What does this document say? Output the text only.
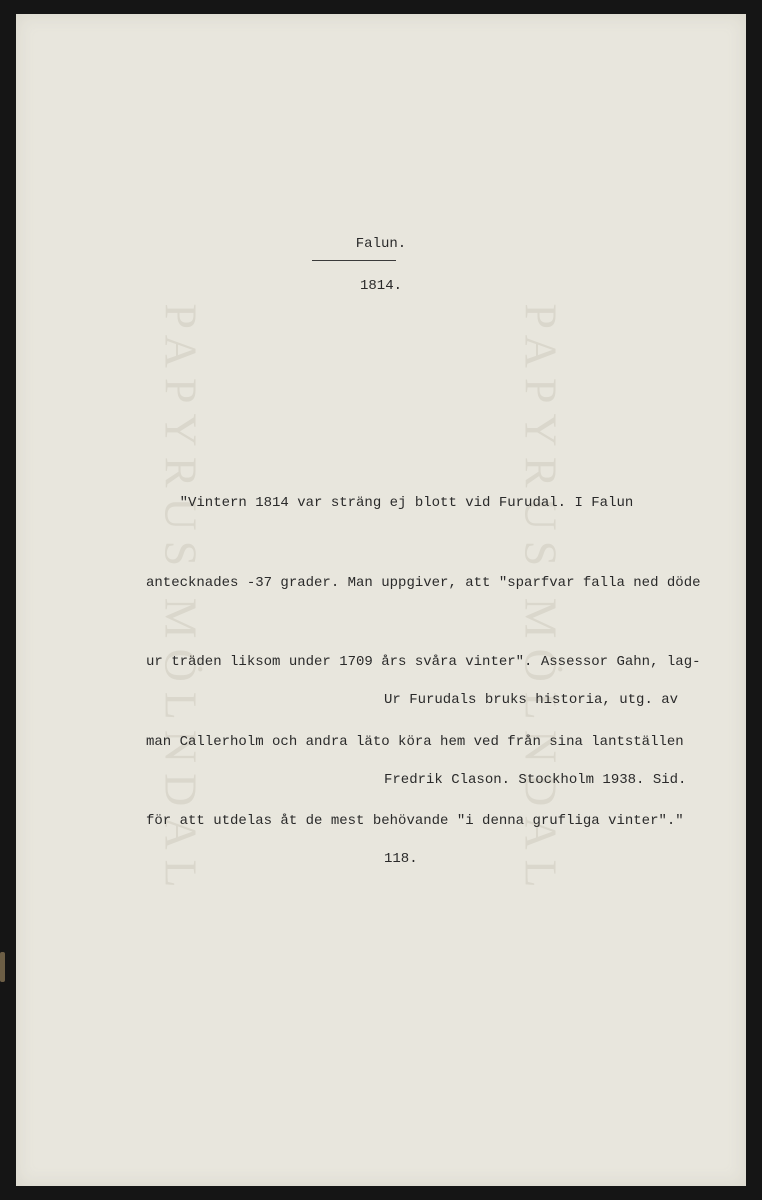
PAPYRUS MÖLNDAL	PAPYRUS MÖLNDAL
Falun.
1814.

"Vintern 1814 var sträng ej blott vid Furudal. I Falun

antecknades -37 grader. Man uppgiver, att "sparfvar falla ned döde

ur träden liksom under 1709 års svåra vinter". Assessor Gahn, lag-

man Callerholm och andra läto köra hem ved från sina lantställen

för att utdelas åt de mest behövande "i denna grufliga vinter"."

Ur Furudals bruks historia, utg. av

Fredrik Clason. Stockholm 1938. Sid.

118.
